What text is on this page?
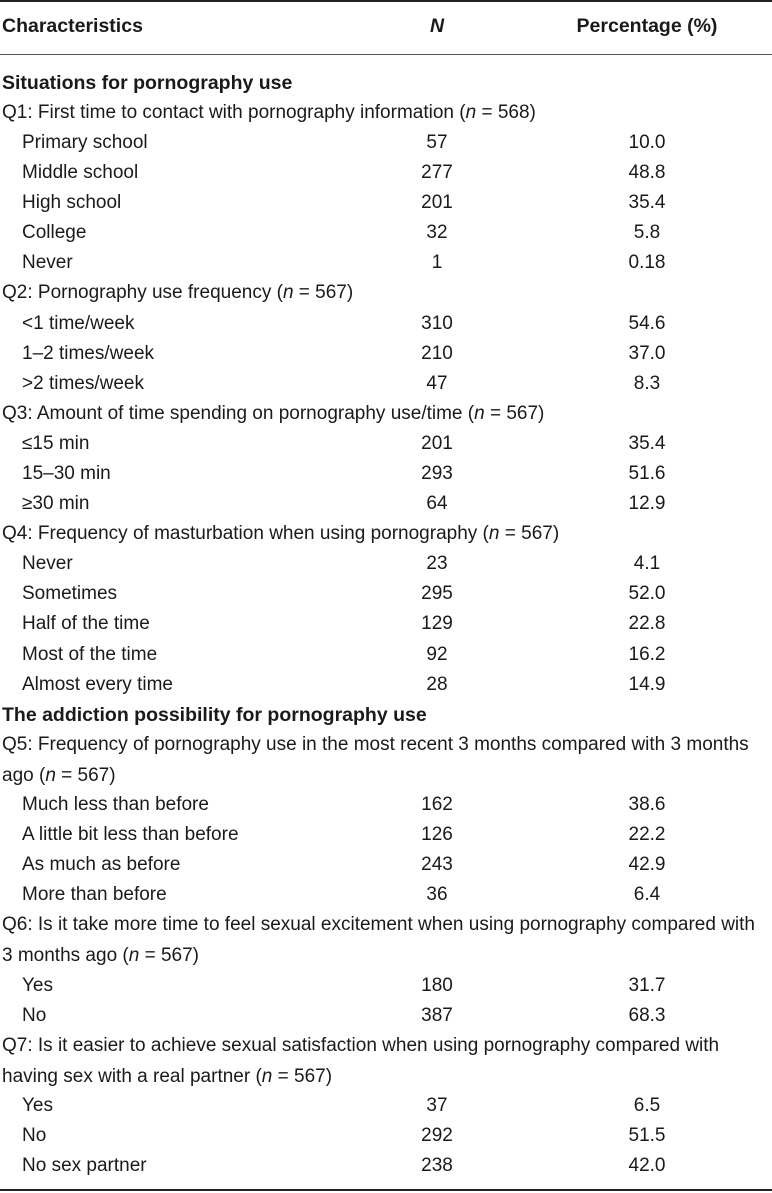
Characteristics	N	Percentage (%)
Situations for pornography use
Q1: First time to contact with pornography information (n = 568)
Primary school	57	10.0
Middle school	277	48.8
High school	201	35.4
College	32	5.8
Never	1	0.18
Q2: Pornography use frequency (n = 567)
<1 time/week	310	54.6
1–2 times/week	210	37.0
>2 times/week	47	8.3
Q3: Amount of time spending on pornography use/time (n = 567)
≤15 min	201	35.4
15–30 min	293	51.6
≥30 min	64	12.9
Q4: Frequency of masturbation when using pornography (n = 567)
Never	23	4.1
Sometimes	295	52.0
Half of the time	129	22.8
Most of the time	92	16.2
Almost every time	28	14.9
The addiction possibility for pornography use
Q5: Frequency of pornography use in the most recent 3 months compared with 3 months ago (n = 567)
Much less than before	162	38.6
A little bit less than before	126	22.2
As much as before	243	42.9
More than before	36	6.4
Q6: Is it take more time to feel sexual excitement when using pornography compared with 3 months ago (n = 567)
Yes	180	31.7
No	387	68.3
Q7: Is it easier to achieve sexual satisfaction when using pornography compared with having sex with a real partner (n = 567)
Yes	37	6.5
No	292	51.5
No sex partner	238	42.0
